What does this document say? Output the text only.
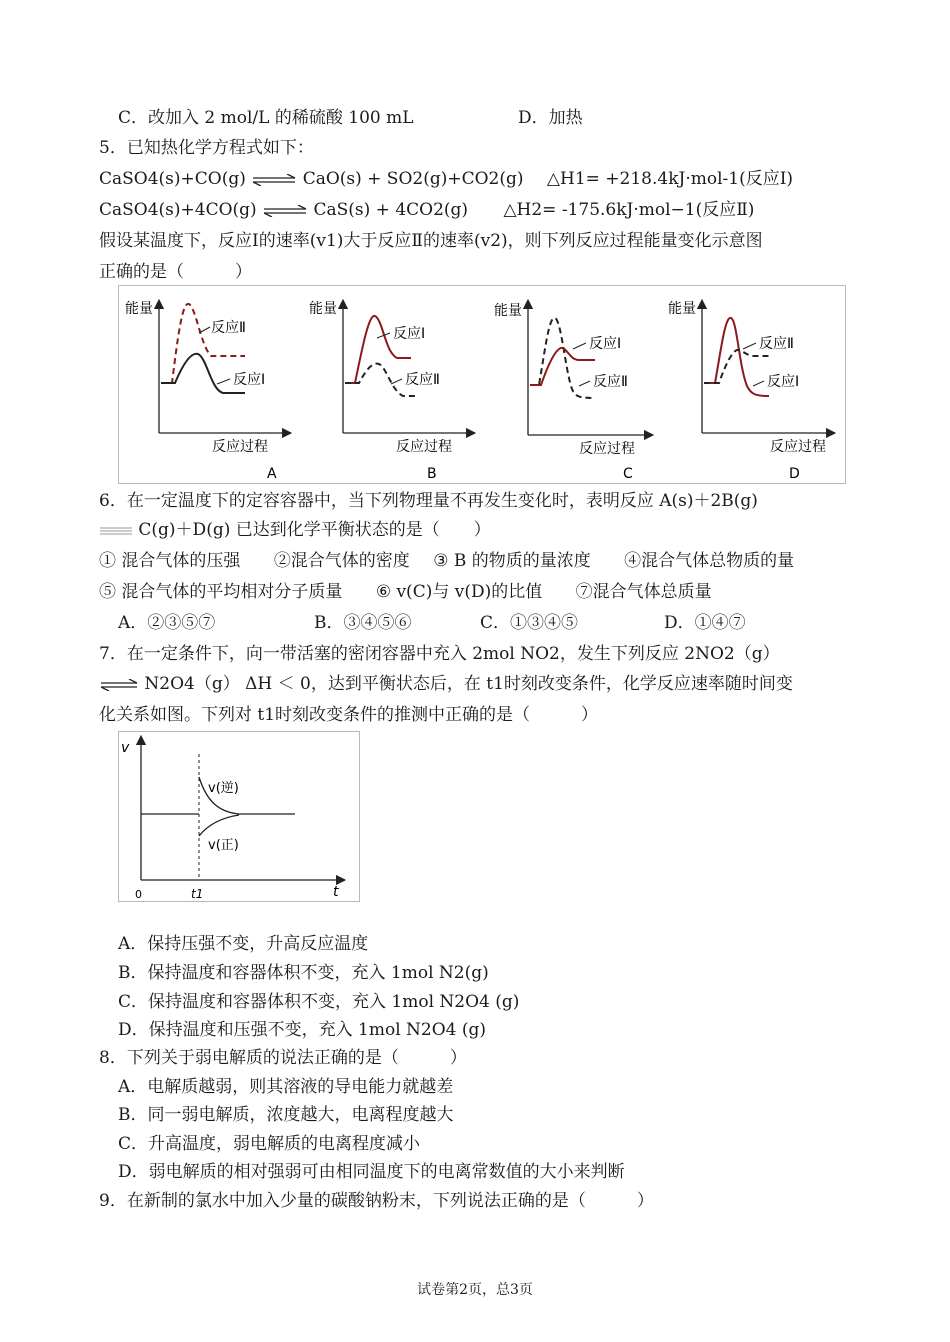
C．改加入 2 mol/L 的稀硫酸 100 mL	D．加热
5．已知热化学方程式如下：
CaSO4(s)+CO(g) ⇌ CaO(s) + SO2(g)+CO2(g) △H1= +218.4kJ·mol-1(反应Ⅰ)
CaSO4(s)+4CO(g) ⇌ CaS(s) + 4CO2(g) △H2= -175.6kJ·mol−1(反应Ⅱ)
假设某温度下，反应Ⅰ的速率(v1)大于反应Ⅱ的速率(v2)，则下列反应过程能量变化示意图
正确的是（　　　）
能量
反应过程
反应Ⅱ
反应Ⅰ
A
能量
反应过程
反应Ⅰ
反应Ⅱ
B
能量
反应过程
反应Ⅰ
反应Ⅱ
C
能量
反应过程
反应Ⅱ
反应Ⅰ
D
6．在一定温度下的定容容器中，当下列物理量不再发生变化时，表明反应 A(s)＋2B(g)
C(g)＋D(g) 已达到化学平衡状态的是（　　）
① 混合气体的压强 ②混合气体的密度 ③ B 的物质的量浓度 ④混合气体总物质的量
⑤ 混合气体的平均相对分子质量 ⑥ v(C)与 v(D)的比值 ⑦混合气体总质量
A．②③⑤⑦	B．③④⑤⑥	C．①③④⑤	D．①④⑦
7．在一定条件下，向一带活塞的密闭容器中充入 2mol NO2，发生下列反应 2NO2（g）
⇌ N2O4（g） ΔH ＜ 0，达到平衡状态后，在 t1时刻改变条件，化学反应速率随时间变
化关系如图。下列对 t1时刻改变条件的推测中正确的是（　　　）
v
t
0	t1
v(逆)
v(正)
A．保持压强不变，升高反应温度
B．保持温度和容器体积不变，充入 1mol N2(g)
C．保持温度和容器体积不变，充入 1mol N2O4 (g)
D．保持温度和压强不变，充入 1mol N2O4 (g)
8．下列关于弱电解质的说法正确的是（　　　）
A．电解质越弱，则其溶液的导电能力就越差
B．同一弱电解质，浓度越大，电离程度越大
C．升高温度，弱电解质的电离程度减小
D．弱电解质的相对强弱可由相同温度下的电离常数值的大小来判断
9．在新制的氯水中加入少量的碳酸钠粉末，下列说法正确的是（　　　）
试卷第2页，总3页
